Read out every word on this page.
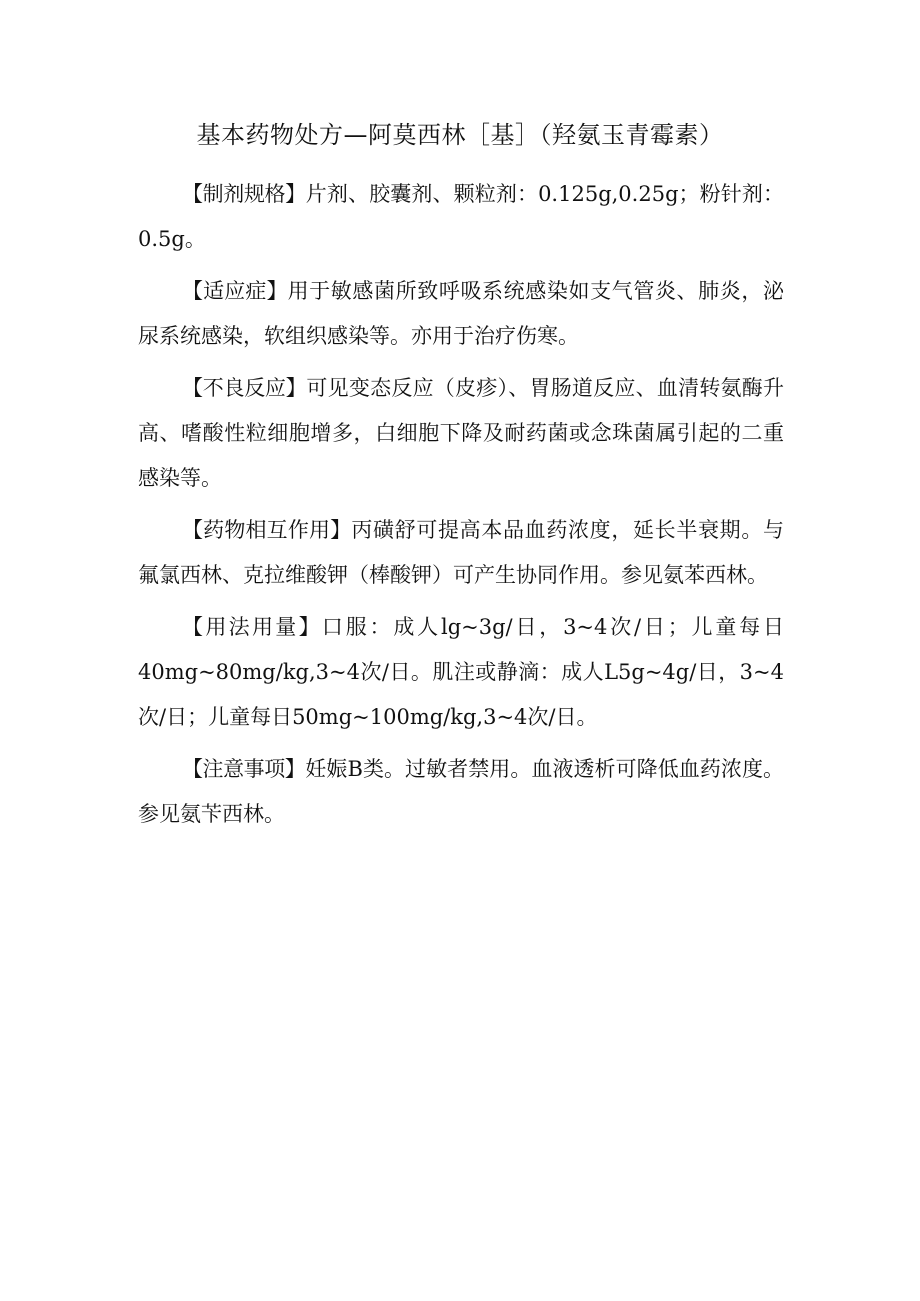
基本药物处方—阿莫西林［基］（羟氨玉青霉素）

【制剂规格】片剂、胶囊剂、颗粒剂：0.125g,0.25g；粉针剂：0.5g。

【适应症】用于敏感菌所致呼吸系统感染如支气管炎、肺炎，泌尿系统感染，软组织感染等。亦用于治疗伤寒。

【不良反应】可见变态反应（皮疹）、胃肠道反应、血清转氨酶升高、嗜酸性粒细胞增多，白细胞下降及耐药菌或念珠菌属引起的二重感染等。

【药物相互作用】丙磺舒可提高本品血药浓度，延长半衰期。与氟氯西林、克拉维酸钾（棒酸钾）可产生协同作用。参见氨苯西林。

【用法用量】口服：成人lg~3g/日，3~4次/日；儿童每日40mg~80mg/kg,3~4次/日。肌注或静滴：成人L5g~4g/日，3~4次/日；儿童每日50mg~100mg/kg,3~4次/日。

【注意事项】妊娠B类。过敏者禁用。血液透析可降低血药浓度。参见氨苄西林。
